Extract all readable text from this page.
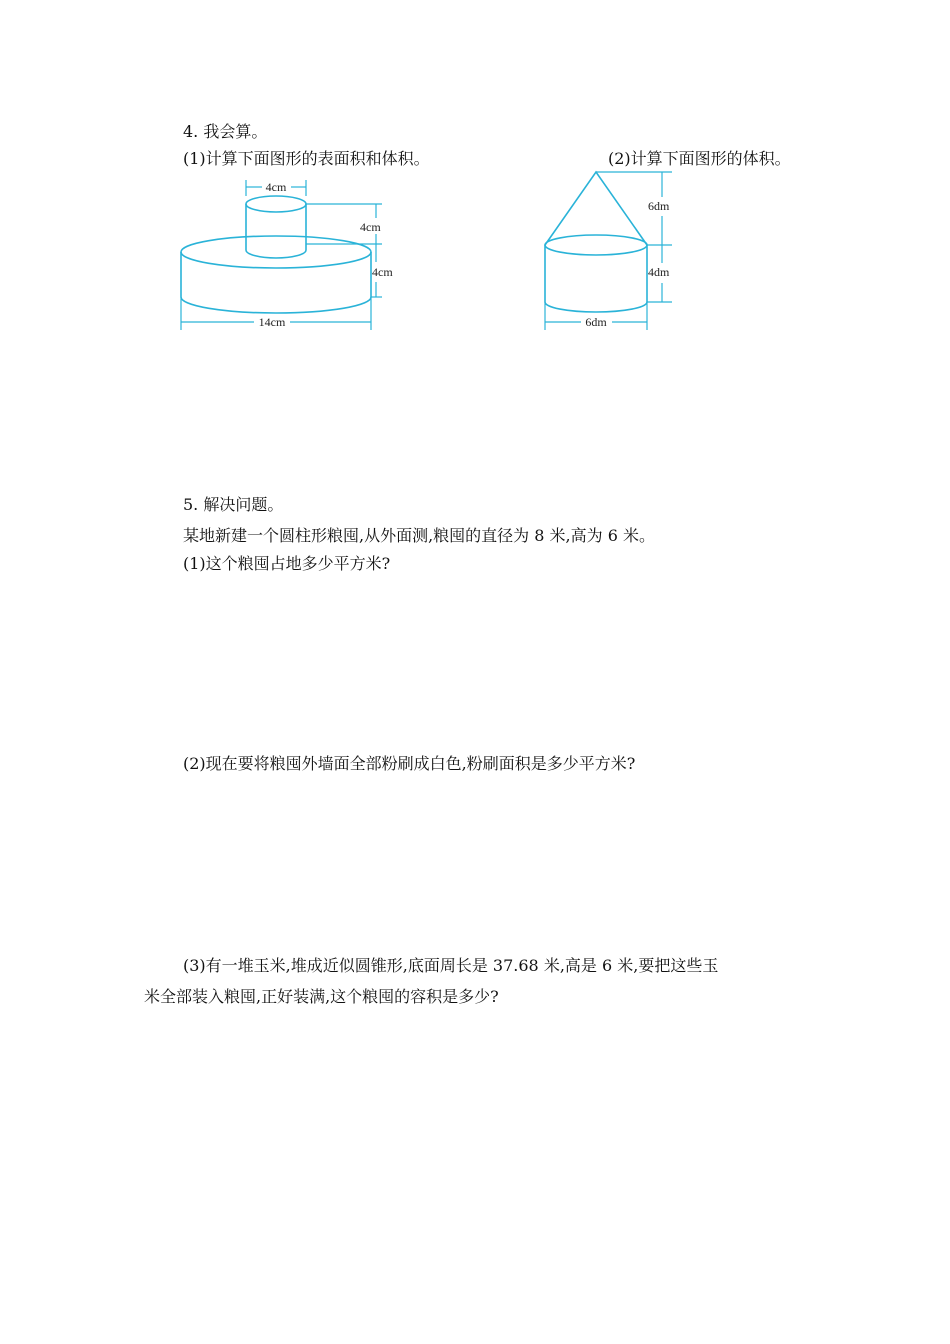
4. 我会算。
(1)计算下面图形的表面积和体积。	(2)计算下面图形的体积。
4cm
4cm
4cm
14cm
6dm
4dm
6dm
5. 解决问题。
某地新建一个圆柱形粮囤,从外面测,粮囤的直径为 8 米,高为 6 米。
(1)这个粮囤占地多少平方米?
(2)现在要将粮囤外墙面全部粉刷成白色,粉刷面积是多少平方米?
(3)有一堆玉米,堆成近似圆锥形,底面周长是 37.68 米,高是 6 米,要把这些玉
米全部装入粮囤,正好装满,这个粮囤的容积是多少?
